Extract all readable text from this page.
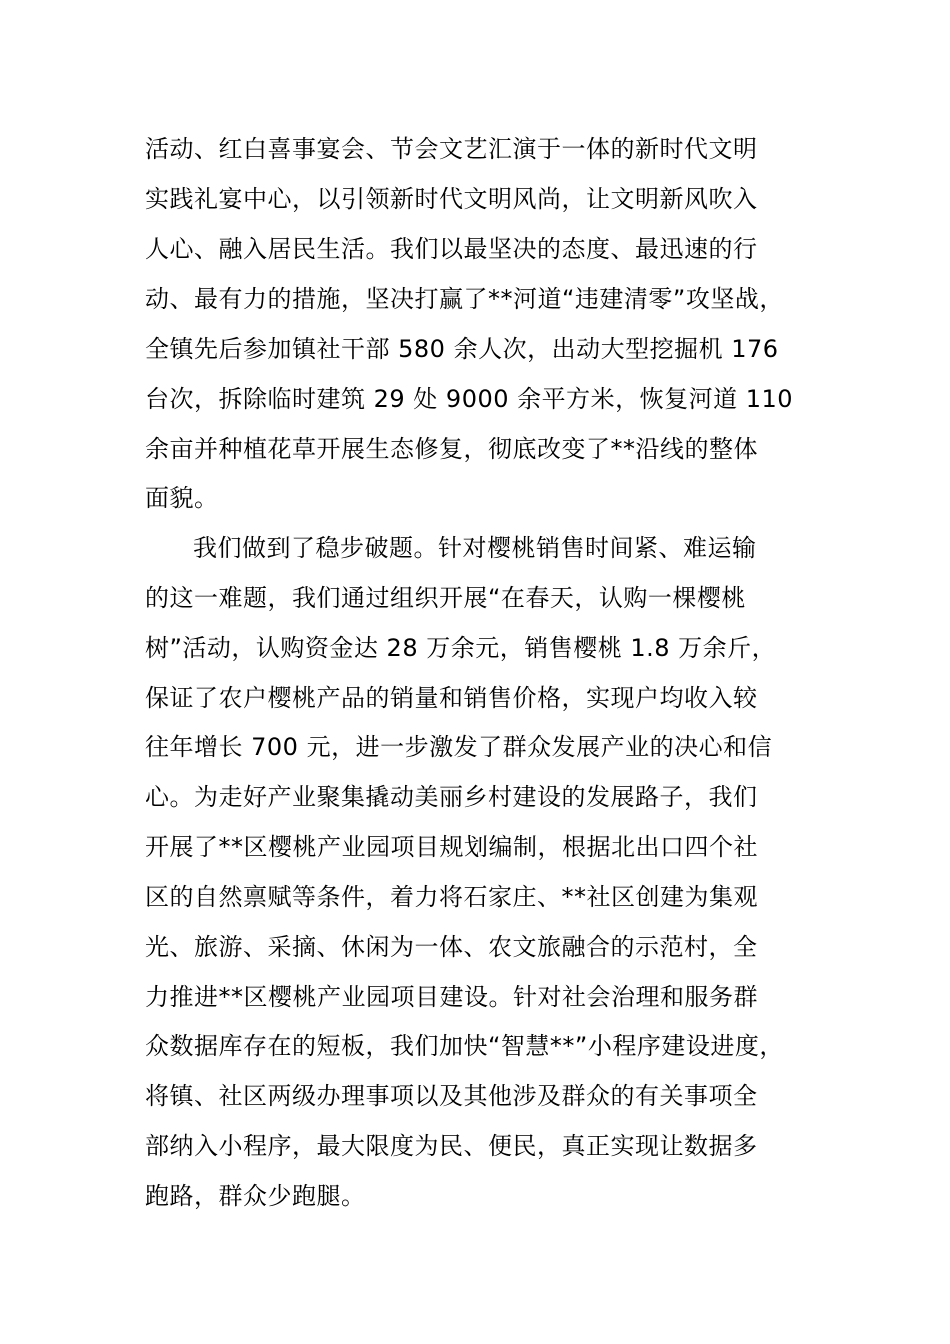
活动、红白喜事宴会、节会文艺汇演于一体的新时代文明
实践礼宴中心，以引领新时代文明风尚，让文明新风吹入
人心、融入居民生活。我们以最坚决的态度、最迅速的行
动、最有力的措施，坚决打赢了**河道“违建清零”攻坚战，
全镇先后参加镇社干部 580 余人次，出动大型挖掘机 176
台次，拆除临时建筑 29 处 9000 余平方米，恢复河道 110
余亩并种植花草开展生态修复，彻底改变了**沿线的整体
面貌。
我们做到了稳步破题。针对樱桃销售时间紧、难运输
的这一难题，我们通过组织开展“在春天，认购一棵樱桃
树”活动，认购资金达 28 万余元，销售樱桃 1.8 万余斤，
保证了农户樱桃产品的销量和销售价格，实现户均收入较
往年增长 700 元，进一步激发了群众发展产业的决心和信
心。为走好产业聚集撬动美丽乡村建设的发展路子，我们
开展了**区樱桃产业园项目规划编制，根据北出口四个社
区的自然禀赋等条件，着力将石家庄、**社区创建为集观
光、旅游、采摘、休闲为一体、农文旅融合的示范村，全
力推进**区樱桃产业园项目建设。针对社会治理和服务群
众数据库存在的短板，我们加快“智慧**”小程序建设进度，
将镇、社区两级办理事项以及其他涉及群众的有关事项全
部纳入小程序，最大限度为民、便民，真正实现让数据多
跑路，群众少跑腿。
